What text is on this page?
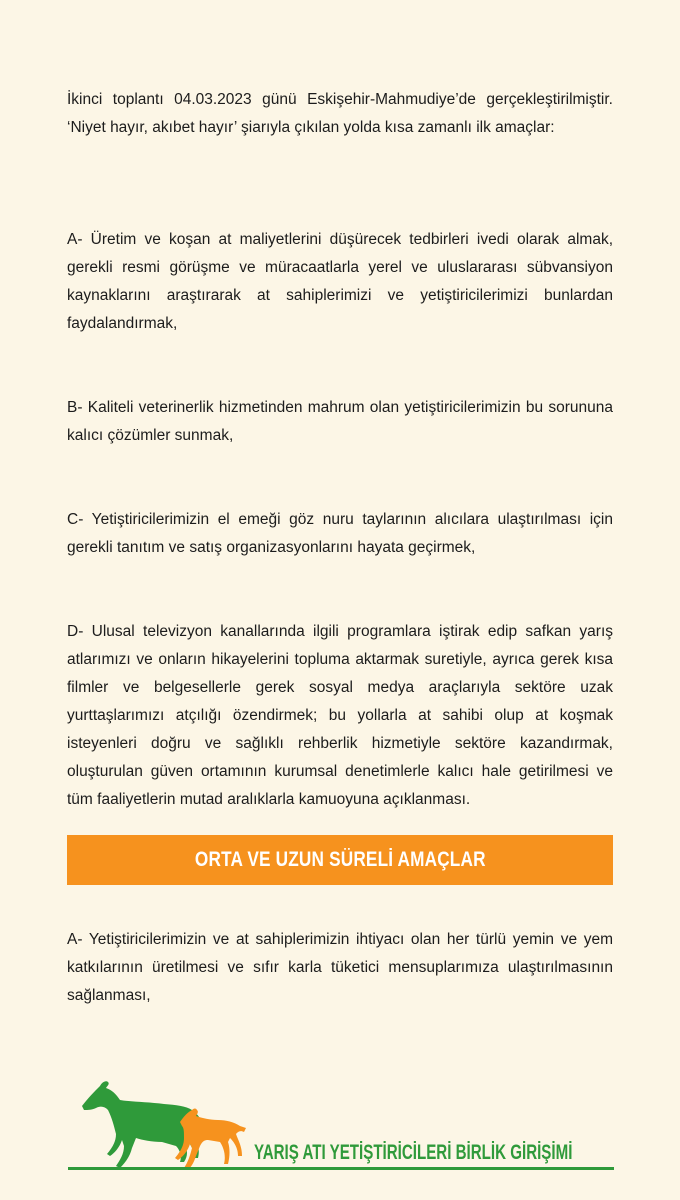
İkinci toplantı 04.03.2023 günü Eskişehir-Mahmudiye’de gerçekleştirilmiştir. ‘Niyet hayır, akıbet hayır’ şiarıyla çıkılan yolda kısa zamanlı ilk amaçlar:

A- Üretim ve koşan at maliyetlerini düşürecek tedbirleri ivedi olarak almak, gerekli resmi görüşme ve müracaatlarla yerel ve uluslararası sübvansiyon kaynaklarını araştırarak at sahiplerimizi ve yetiştiricilerimizi bunlardan faydalandırmak,

B- Kaliteli veterinerlik hizmetinden mahrum olan yetiştiricilerimizin bu sorununa kalıcı çözümler sunmak,

C- Yetiştiricilerimizin el emeği göz nuru taylarının alıcılara ulaştırılması için gerekli tanıtım ve satış organizasyonlarını hayata geçirmek,

D- Ulusal televizyon kanallarında ilgili programlara iştirak edip safkan yarış atlarımızı ve onların hikayelerini topluma aktarmak suretiyle, ayrıca gerek kısa filmler ve belgesellerle gerek sosyal medya araçlarıyla sektöre uzak yurttaşlarımızı atçılığı özendirmek; bu yollarla at sahibi olup at koşmak isteyenleri doğru ve sağlıklı rehberlik hizmetiyle sektöre kazandırmak, oluşturulan güven ortamının kurumsal denetimlerle kalıcı hale getirilmesi ve tüm faaliyetlerin mutad aralıklarla kamuoyuna açıklanması.

ORTA VE UZUN SÜRELİ AMAÇLAR

A- Yetiştiricilerimizin ve at sahiplerimizin ihtiyacı olan her türlü yemin ve yem katkılarının üretilmesi ve sıfır karla tüketici mensuplarımıza ulaştırılmasının sağlanması,

YARIŞ ATI YETİŞTİRİCİLERİ BİRLİK GİRİŞİMİ
